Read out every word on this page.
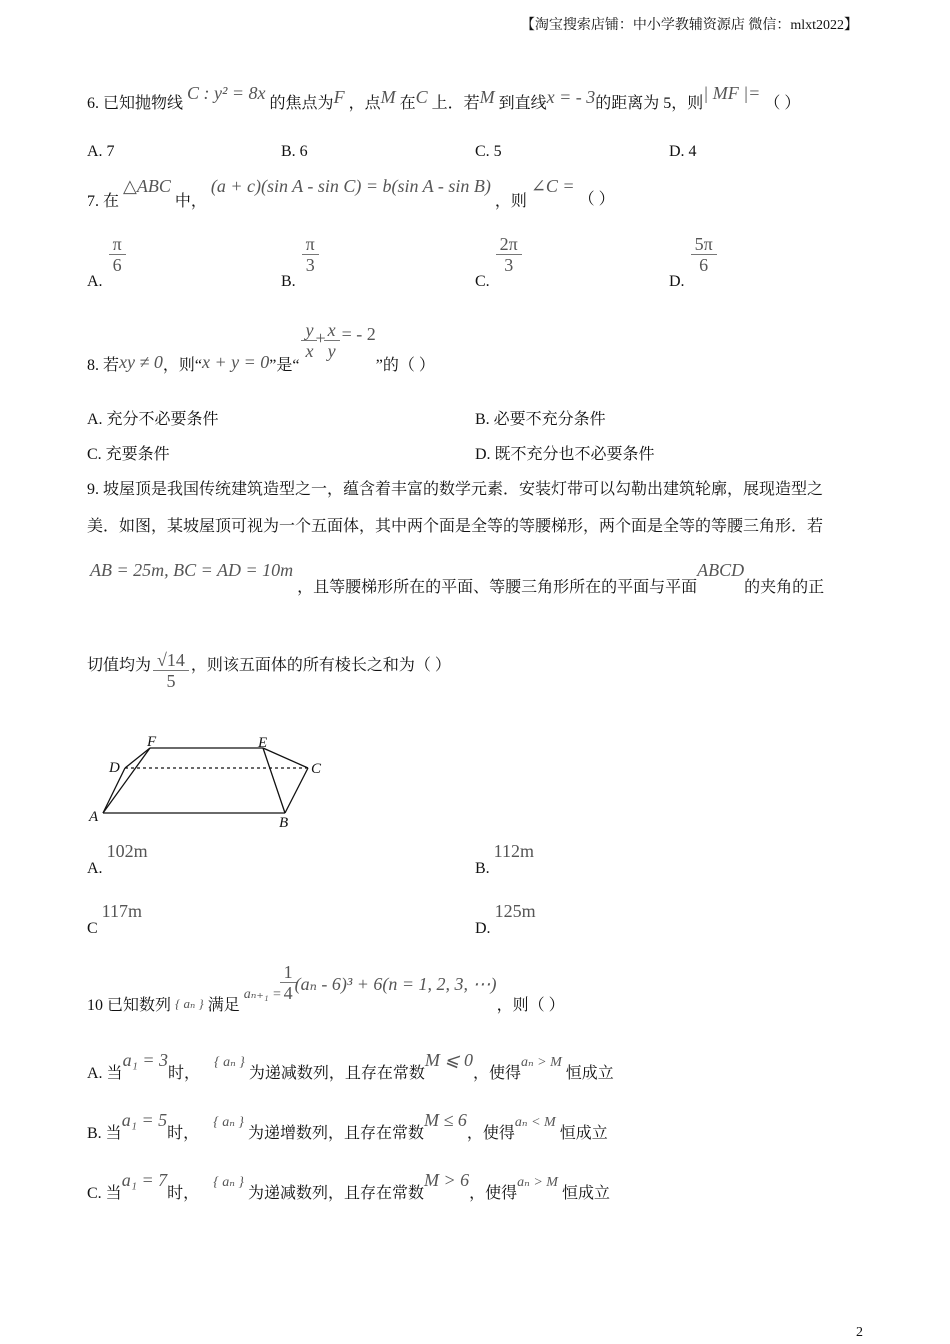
【淘宝搜索店铺：中小学教辅资源店 微信：mlxt2022】
6. 已知抛物线 C : y² = 8x 的焦点为F ，点M 在C 上．若M 到直线x = - 3的距离为 5，则| MF |= （ ）
A. 7	B. 6	C. 5	D. 4
7. 在 △ABC 中， (a + c)(sin A - sin C) = b(sin A - sin B) ，则 ∠C = （ ）
A.
$\frac{\pi}{6}$
B.
$\frac{\pi}{3}$
C.
$\frac{2\pi}{3}$
D.
$\frac{5\pi}{6}$
8. 若xy ≠ 0，则“x + y = 0”是“
$\frac{y}{x} + \frac{x}{y}$ = - 2”的（ ）
A. 充分不必要条件	B. 必要不充分条件
C. 充要条件	D. 既不充分也不必要条件
9. 坡屋顶是我国传统建筑造型之一，蕴含着丰富的数学元素．安装灯带可以勾勒出建筑轮廓，展现造型之
美．如图，某坡屋顶可视为一个五面体，其中两个面是全等的等腰梯形，两个面是全等的等腰三角形．若
AB = 25m, BC = AD = 10m ，且等腰梯形所在的平面、等腰三角形所在的平面与平面ABCD的夹角的正
切值均为 $\frac{√14}{5}$ ，则该五面体的所有棱长之和为（ ）
A	B
C
D
E
F
A. 102m
B. 112m
C 117m
D. 125m
10 已知数列 $_{\{ a_n \}}$ 满足 $a_{n+1} = \frac{1}{4} (a_n - 6)^3 + 6(n = 1$, 2, 3, ⋯)，则（ ）
A. 当a₁ = 3时， { aₙ } 为递减数列，且存在常数M ⩽ 0，使得aₙ > M 恒成立
B. 当a₁ = 5时， { aₙ } 为递增数列，且存在常数M ≤ 6，使得aₙ < M 恒成立
C. 当a₁ = 7时， { aₙ } 为递减数列，且存在常数M > 6，使得aₙ > M 恒成立
2
